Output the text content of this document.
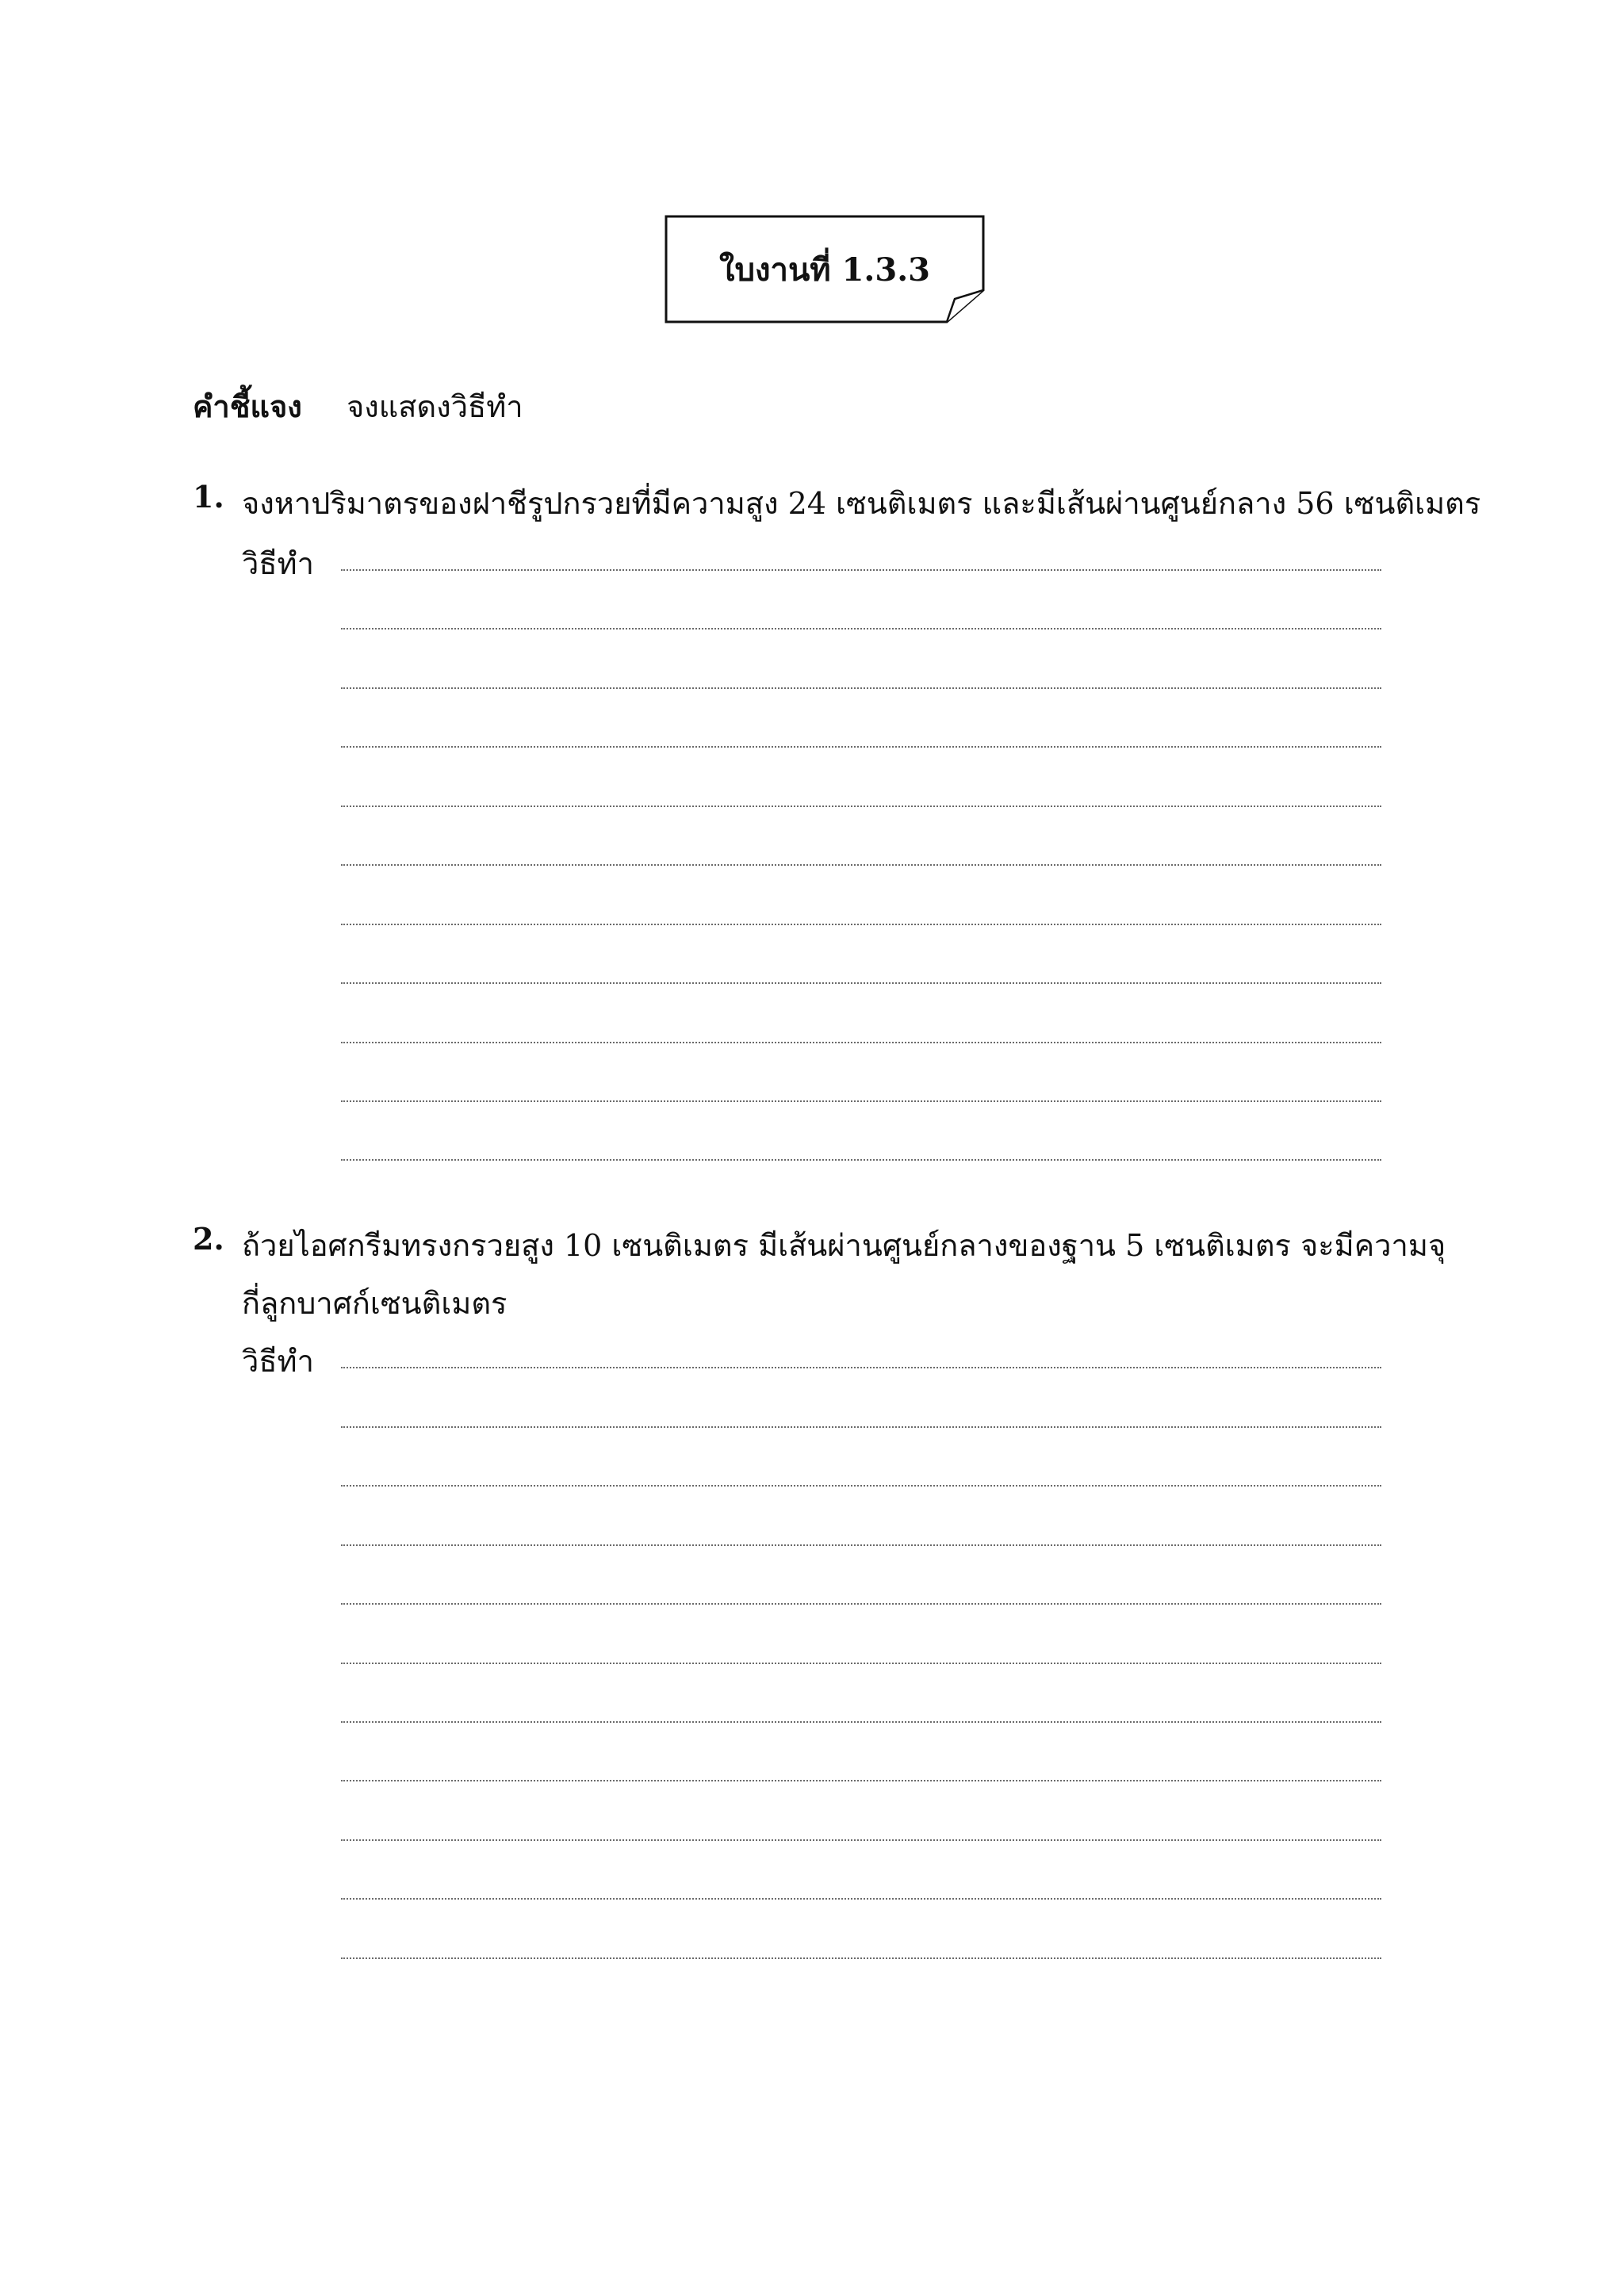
ใบงานที่ 1.3.3
คำชี้แจง จงแสดงวิธีทำ
1. จงหาปริมาตรของฝาชีรูปกรวยที่มีความสูง 24 เซนติเมตร และมีเส้นผ่านศูนย์กลาง 56 เซนติเมตร
วิธีทำ
2. ถ้วยไอศกรีมทรงกรวยสูง 10 เซนติเมตร มีเส้นผ่านศูนย์กลางของฐาน 5 เซนติเมตร จะมีความจุ
กี่ลูกบาศก์เซนติเมตร
วิธีทำ
